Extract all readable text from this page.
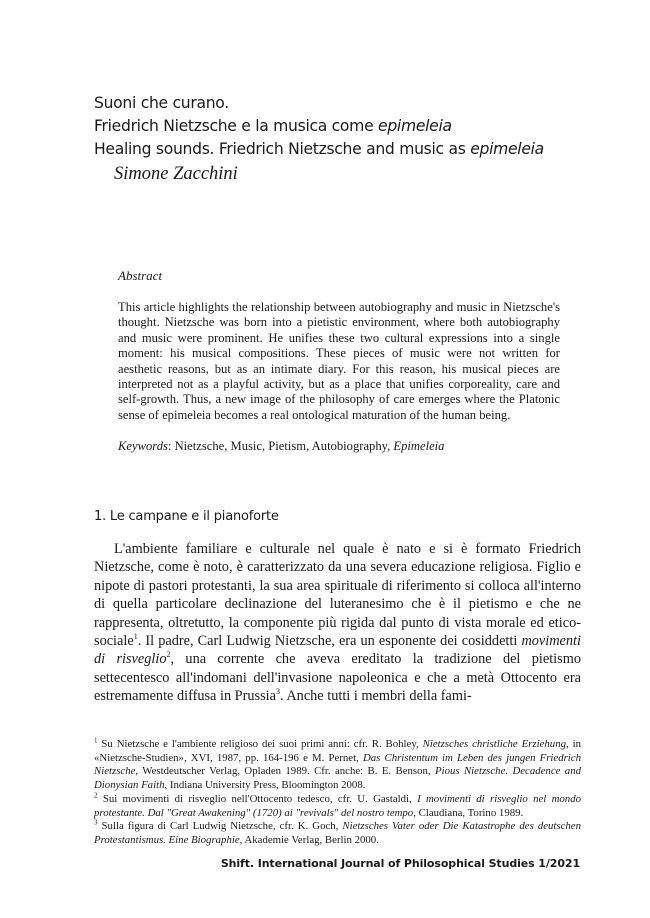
Suoni che curano.
Friedrich Nietzsche e la musica come epimeleia
Healing sounds. Friedrich Nietzsche and music as epimeleia
Simone Zacchini

Abstract

This article highlights the relationship between autobiography and music in Nietzsche's thought. Nietzsche was born into a pietistic environment, where both autobiography and music were prominent. He unifies these two cultural expressions into a single moment: his musical compositions. These pieces of music were not written for aesthetic reasons, but as an intimate diary. For this reason, his musical pieces are interpreted not as a playful activity, but as a place that unifies corporeality, care and self-growth. Thus, a new image of the philosophy of care emerges where the Platonic sense of epimeleia becomes a real ontological maturation of the human being.

Keywords: Nietzsche, Music, Pietism, Autobiography, Epimeleia
1. Le campane e il pianoforte

L'ambiente familiare e culturale nel quale è nato e si è formato Friedrich Nietzsche, come è noto, è caratterizzato da una severa educazione religiosa. Figlio e nipote di pastori protestanti, la sua area spirituale di riferimento si colloca all'interno di quella particolare declinazione del luteranesimo che è il pietismo e che ne rappresenta, oltretutto, la componente più rigida dal punto di vista morale ed etico-sociale$^1$. Il padre, Carl Ludwig Nietzsche, era un esponente dei cosiddetti movimenti di risveglio$^2$, una corrente che aveva ereditato la tradizione del pietismo settecentesco all'indomani dell'invasione napoleonica e che a metà Ottocento era estremamente diffusa in Prussia$^3$. Anche tutti i membri della fami-

$^1$ Su Nietzsche e l'ambiente religioso dei suoi primi anni: cfr. R. Bohley, Nietzsches christliche Erziehung, in «Nietzsche-Studien», XVI, 1987, pp. 164-196 e M. Pernet, Das Christentum im Leben des jungen Friedrich Nietzsche, Westdeutscher Verlag, Opladen 1989. Cfr. anche: B. E. Benson, Pious Nietzsche. Decadence and Dionysian Faith, Indiana University Press, Bloomington 2008.

$^2$ Sui movimenti di risveglio nell'Ottocento tedesco, cfr. U. Gastaldi, I movimenti di risveglio nel mondo protestante. Dal "Great Awakening" (1720) ai "revivals" del nostro tempo, Claudiana, Torino 1989.

$^3$ Sulla figura di Carl Ludwig Nietzsche, cfr. K. Goch, Nietzsches Vater oder Die Katastrophe des deutschen Protestantismus. Eine Biographie, Akademie Verlag, Berlin 2000.

Shift. International Journal of Philosophical Studies 1/2021
